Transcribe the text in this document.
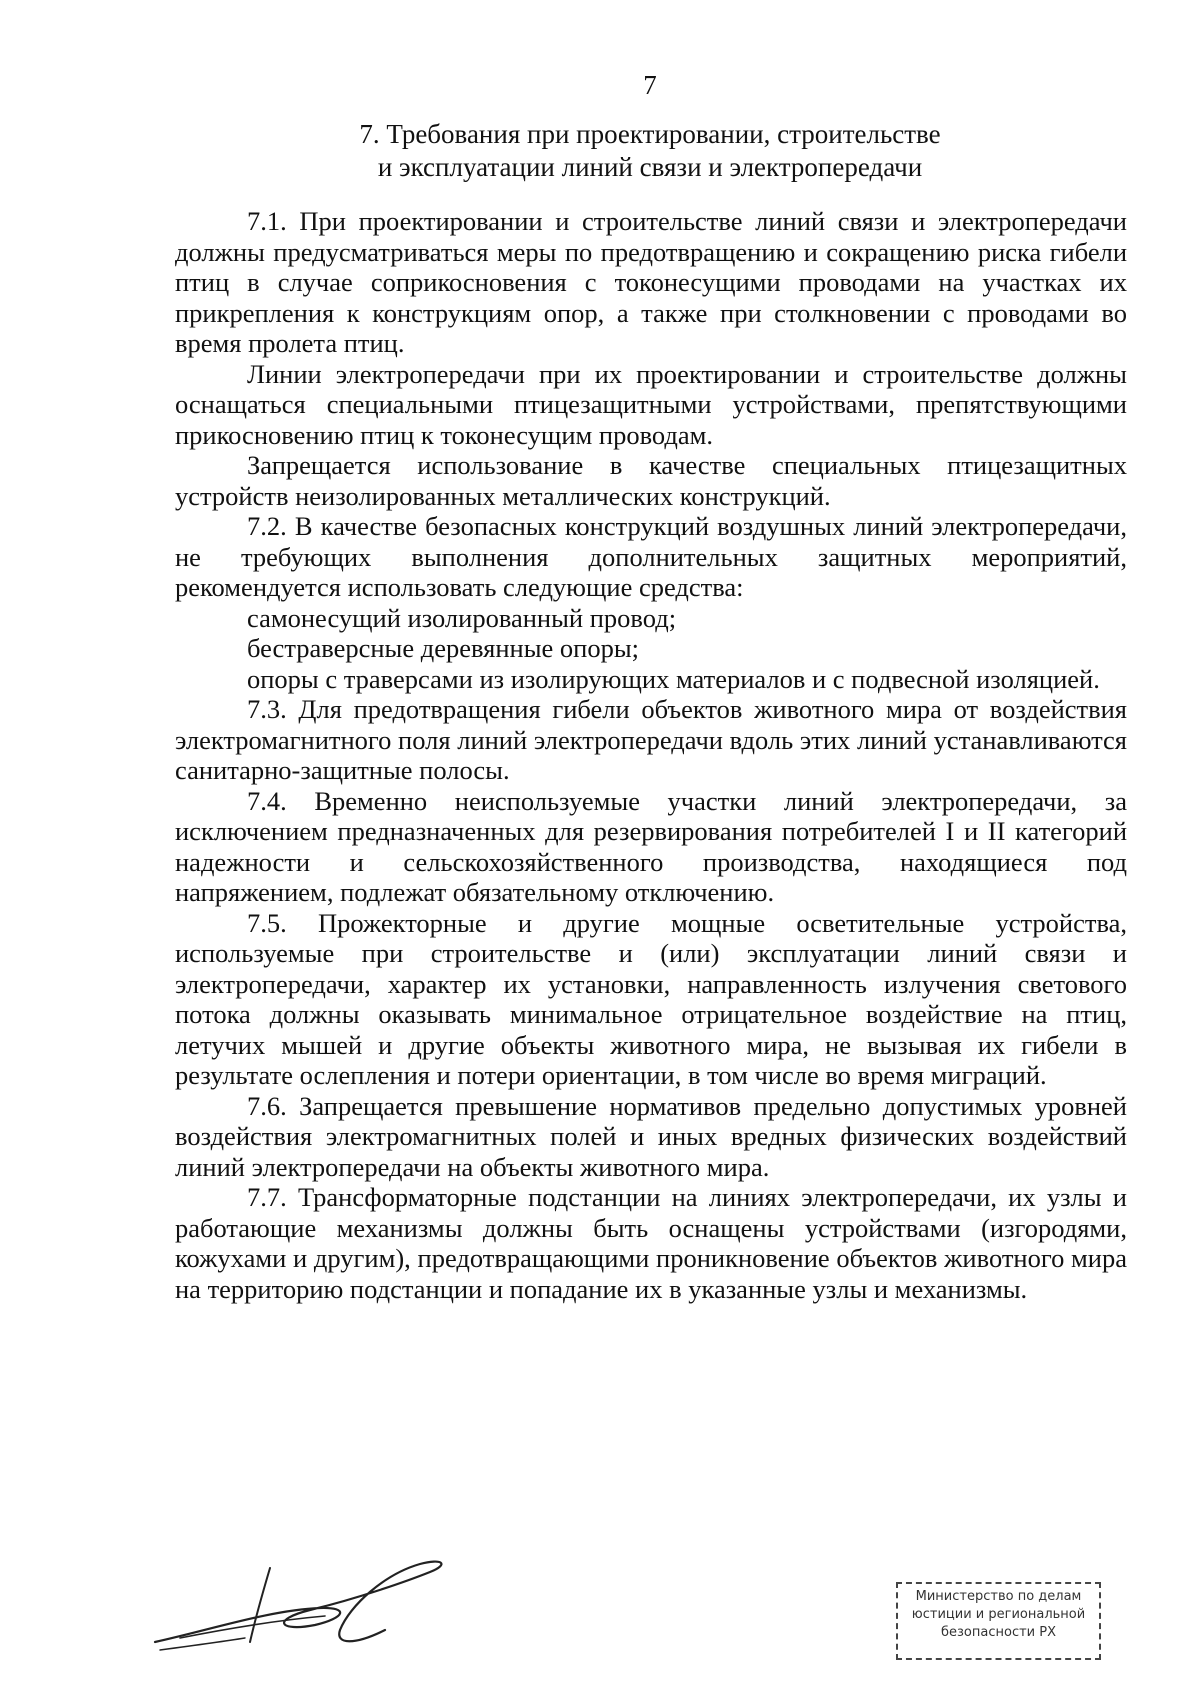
7
7. Требования при проектировании, строительстве
и эксплуатации линий связи и электропередачи

7.1. При проектировании и строительстве линий связи и электропередачи должны предусматриваться меры по предотвращению и сокращению риска гибели птиц в случае соприкосновения с токонесущими проводами на участках их прикрепления к конструкциям опор, а также при столкновении с проводами во время пролета птиц.

Линии электропередачи при их проектировании и строительстве должны оснащаться специальными птицезащитными устройствами, препятствующими прикосновению птиц к токонесущим проводам.

Запрещается использование в качестве специальных птицезащитных устройств неизолированных металлических конструкций.

7.2. В качестве безопасных конструкций воздушных линий электропередачи, не требующих выполнения дополнительных защитных мероприятий, рекомендуется использовать следующие средства:

самонесущий изолированный провод;

бестраверсные деревянные опоры;

опоры с траверсами из изолирующих материалов и с подвесной изоляцией.

7.3. Для предотвращения гибели объектов животного мира от воздействия электромагнитного поля линий электропередачи вдоль этих линий устанавливаются санитарно-защитные полосы.

7.4. Временно неиспользуемые участки линий электропередачи, за исключением предназначенных для резервирования потребителей I и II категорий надежности и сельскохозяйственного производства, находящиеся под напряжением, подлежат обязательному отключению.

7.5. Прожекторные и другие мощные осветительные устройства, используемые при строительстве и (или) эксплуатации линий связи и электропередачи, характер их установки, направленность излучения светового потока должны оказывать минимальное отрицательное воздействие на птиц, летучих мышей и другие объекты животного мира, не вызывая их гибели в результате ослепления и потери ориентации, в том числе во время миграций.

7.6. Запрещается превышение нормативов предельно допустимых уровней воздействия электромагнитных полей и иных вредных физических воздействий линий электропередачи на объекты животного мира.

7.7. Трансформаторные подстанции на линиях электропередачи, их узлы и работающие механизмы должны быть оснащены устройствами (изгородями, кожухами и другим), предотвращающими проникновение объектов животного мира на территорию подстанции и попадание их в указанные узлы и механизмы.

Министерство по делам
юстиции и региональной
безопасности РХ
